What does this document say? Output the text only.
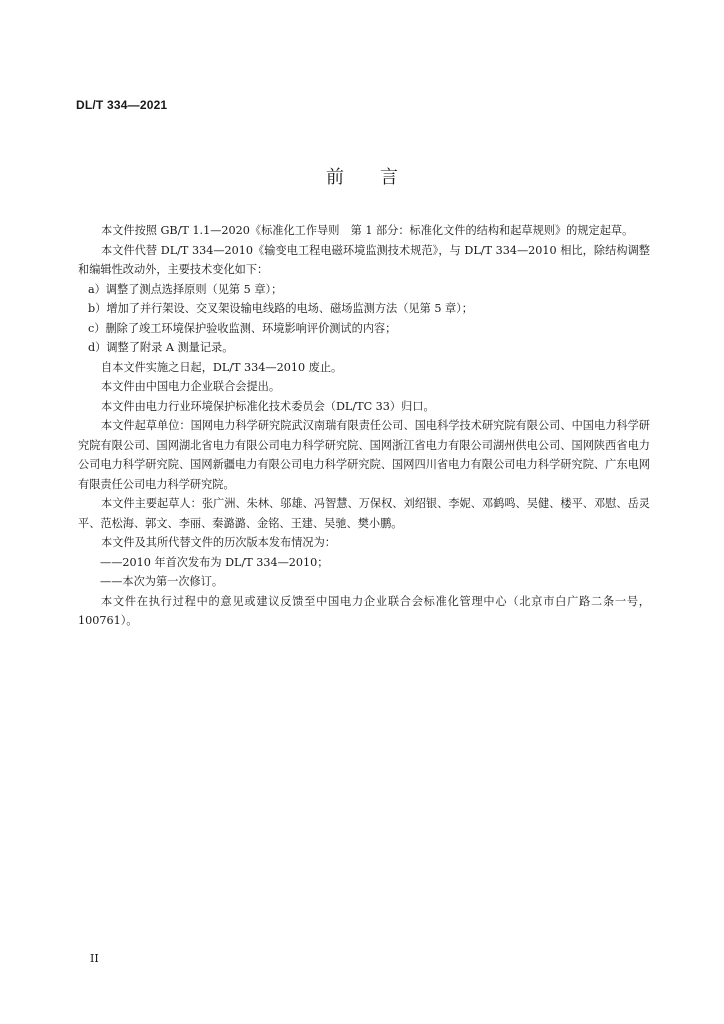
DL/T 334—2021
前言

本文件按照 GB/T 1.1—2020《标准化工作导则　第 1 部分：标准化文件的结构和起草规则》的规定起草。

本文件代替 DL/T 334—2010《输变电工程电磁环境监测技术规范》，与 DL/T 334—2010 相比，除结构调整和编辑性改动外，主要技术变化如下：

a）调整了测点选择原则（见第 5 章）；

b）增加了并行架设、交叉架设输电线路的电场、磁场监测方法（见第 5 章）；

c）删除了竣工环境保护验收监测、环境影响评价测试的内容；

d）调整了附录 A 测量记录。

自本文件实施之日起，DL/T 334—2010 废止。

本文件由中国电力企业联合会提出。

本文件由电力行业环境保护标准化技术委员会（DL/TC 33）归口。

本文件起草单位：国网电力科学研究院武汉南瑞有限责任公司、国电科学技术研究院有限公司、中国电力科学研究院有限公司、国网湖北省电力有限公司电力科学研究院、国网浙江省电力有限公司湖州供电公司、国网陕西省电力公司电力科学研究院、国网新疆电力有限公司电力科学研究院、国网四川省电力有限公司电力科学研究院、广东电网有限责任公司电力科学研究院。

本文件主要起草人：张广洲、朱林、邬雄、冯智慧、万保权、刘绍银、李妮、邓鹤鸣、吴健、楼平、邓慰、岳灵平、范松海、郭文、李丽、秦潞潞、金铭、王建、吴驰、樊小鹏。

本文件及其所代替文件的历次版本发布情况为：

——2010 年首次发布为 DL/T 334—2010；

——本次为第一次修订。

本文件在执行过程中的意见或建议反馈至中国电力企业联合会标准化管理中心（北京市白广路二条一号，100761）。

II
